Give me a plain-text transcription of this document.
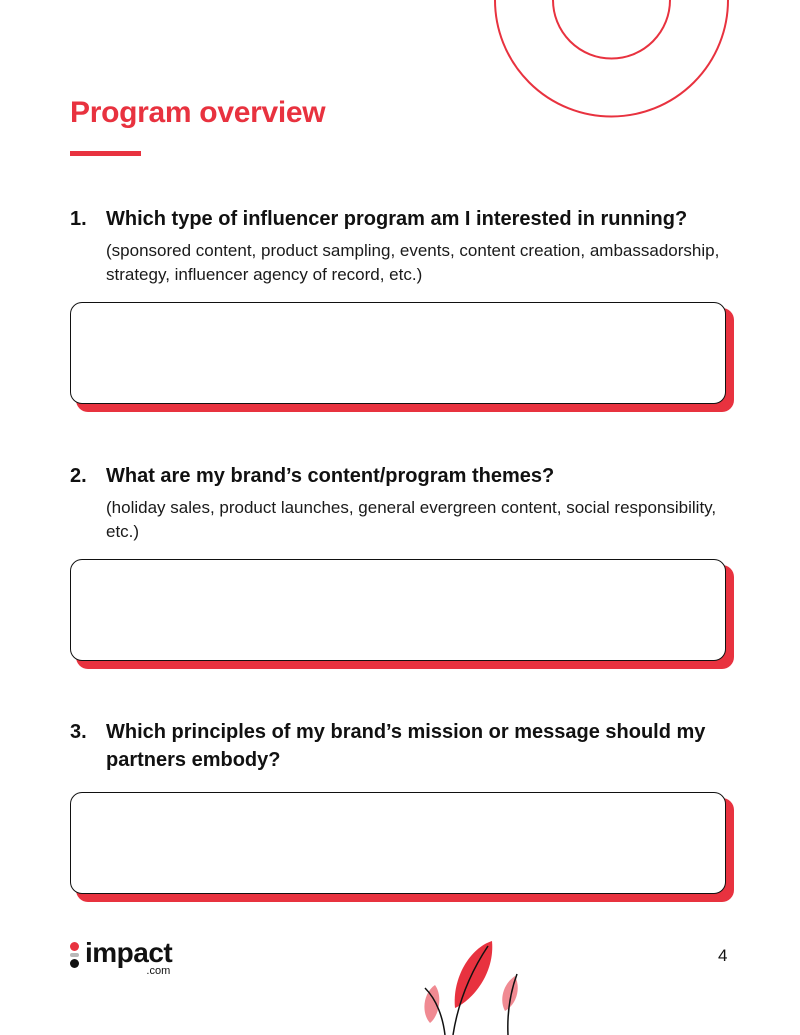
Program overview
1. Which type of influencer program am I interested in running?
(sponsored content, product sampling, events, content creation, ambassadorship, strategy, influencer agency of record, etc.)
2. What are my brand’s content/program themes?
(holiday sales, product launches, general evergreen content, social responsibility, etc.)
3. Which principles of my brand’s mission or message should my partners embody?
impact
.com
4
